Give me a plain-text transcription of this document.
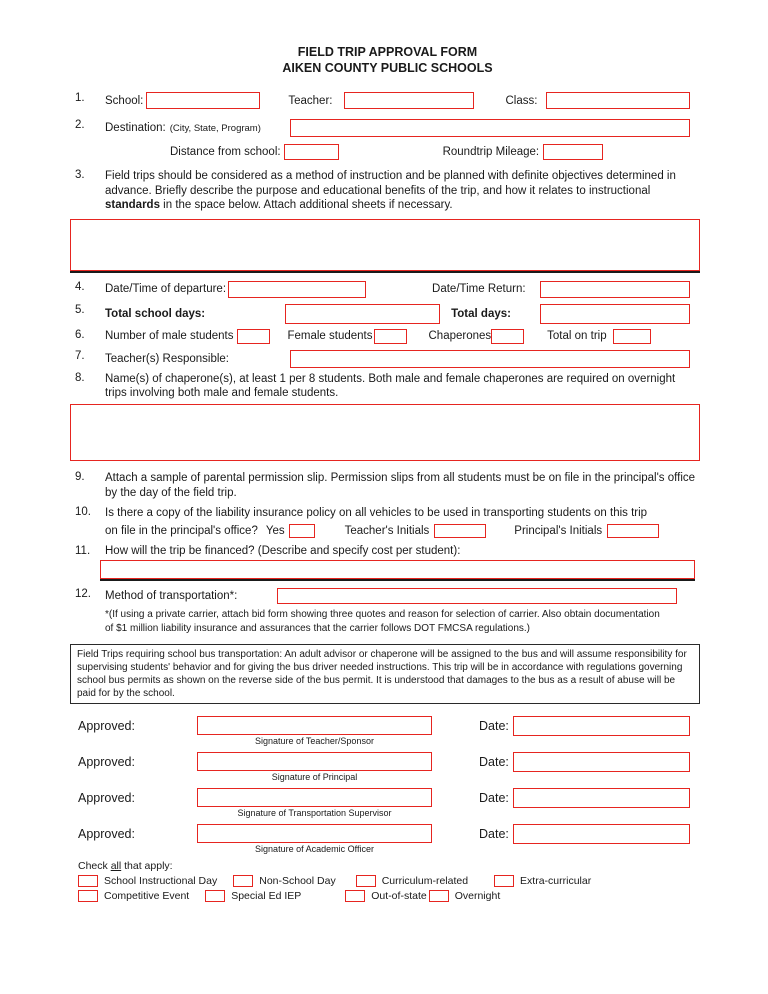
FIELD TRIP APPROVAL FORM
AIKEN COUNTY PUBLIC SCHOOLS
1.	School:	Teacher:	Class:
2.	Destination: (City, State, Program)
Distance from school:	Roundtrip Mileage:
3.	Field trips should be considered as a method of instruction and be planned with definite objectives determined in advance. Briefly describe the purpose and educational benefits of the trip, and how it relates to instructional standards in the space below. Attach additional sheets if necessary.
4.	Date/Time of departure:	Date/Time Return:
5.	Total school days:	Total days:
6.	Number of male students	Female students	Chaperones	Total on trip
7.	Teacher(s) Responsible:
8.	Name(s) of chaperone(s), at least 1 per 8 students. Both male and female chaperones are required on overnight trips involving both male and female students.
9.	Attach a sample of parental permission slip. Permission slips from all students must be on file in the principal's office by the day of the field trip.
10.	Is there a copy of the liability insurance policy on all vehicles to be used in transporting students on this trip
on file in the principal's office? Yes	Teacher's Initials	Principal's Initials
11.	How will the trip be financed? (Describe and specify cost per student):
12.	Method of transportation*:
*(If using a private carrier, attach bid form showing three quotes and reason for selection of carrier. Also obtain documentation of $1 million liability insurance and assurances that the carrier follows DOT FMCSA regulations.)
Field Trips requiring school bus transportation: An adult advisor or chaperone will be assigned to the bus and will assume responsibility for supervising students' behavior and for giving the bus driver needed instructions. This trip will be in accordance with regulations governing school bus permits as shown on the reverse side of the bus permit. It is understood that damages to the bus as a result of abuse will be paid for by the school.
Approved:
Signature of Teacher/Sponsor
Date:
Approved:
Signature of Principal
Date:
Approved:
Signature of Transportation Supervisor
Date:
Approved:
Signature of Academic Officer
Date:
Check all that apply:
School Instructional Day	Non-School Day	Curriculum-related	Extra-curricular
Competitive Event	Special Ed IEP	Out-of-state	Overnight
